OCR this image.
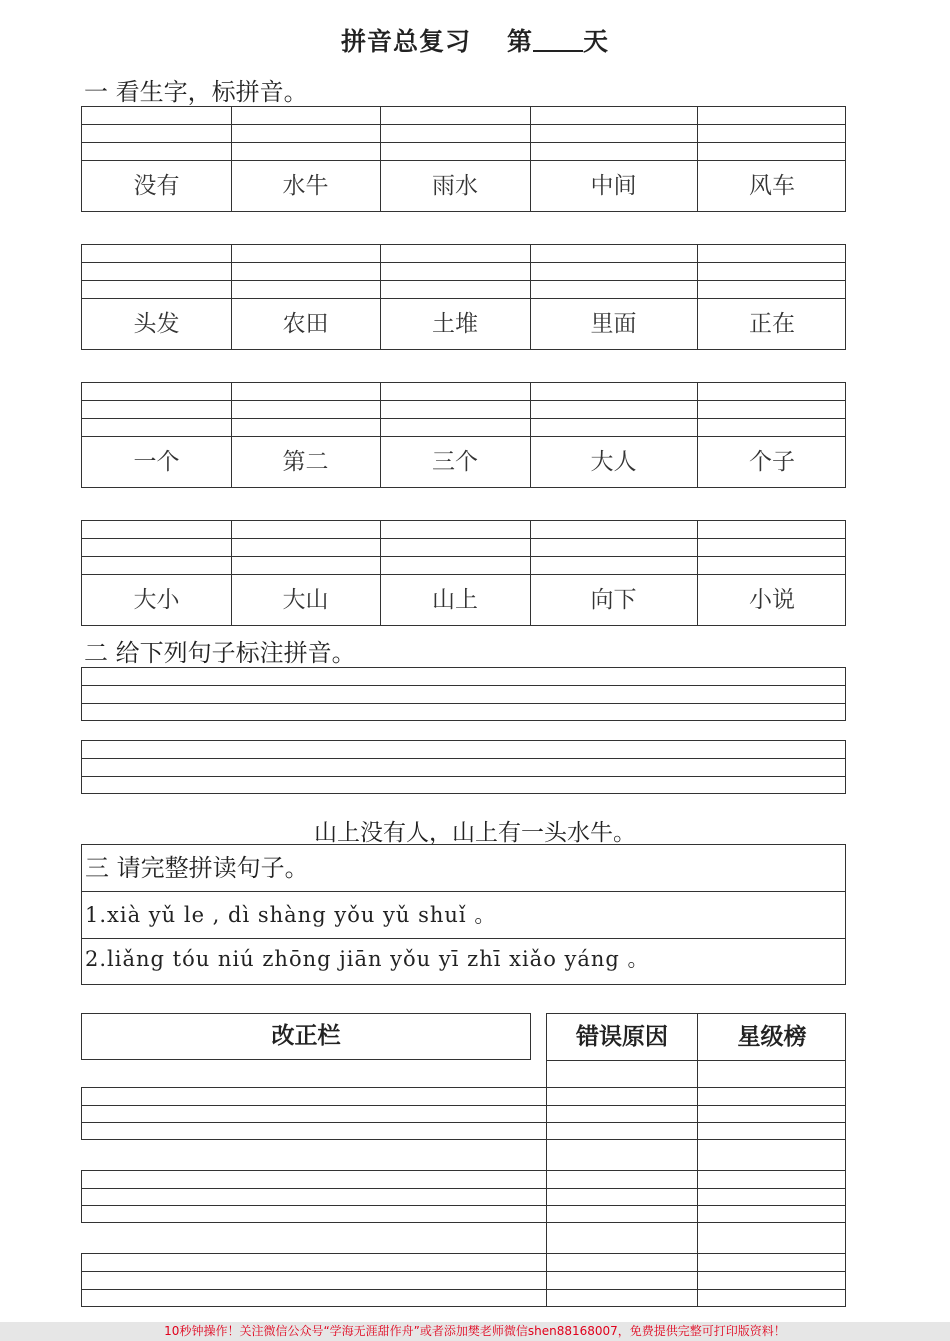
拼音总复习 第 天
一 看生字，标拼音。
没有	水牛	雨水	中间	风车
头发	农田	土堆	里面	正在
一个	第二	三个	大人	个子
大小	大山	山上	向下	小说
二 给下列句子标注拼音。
山上没有人，山上有一头水牛。
三 请完整拼读句子。
1.xià yǔ le , dì shàng yǒu yǔ shuǐ 。
2.liǎng tóu niú zhōng jiān yǒu yī zhī xiǎo yáng 。
改正栏	错误原因	星级榜
10秒钟操作！关注微信公众号“学海无涯甜作舟”或者添加樊老师微信shen88168007，免费提供完整可打印版资料！
